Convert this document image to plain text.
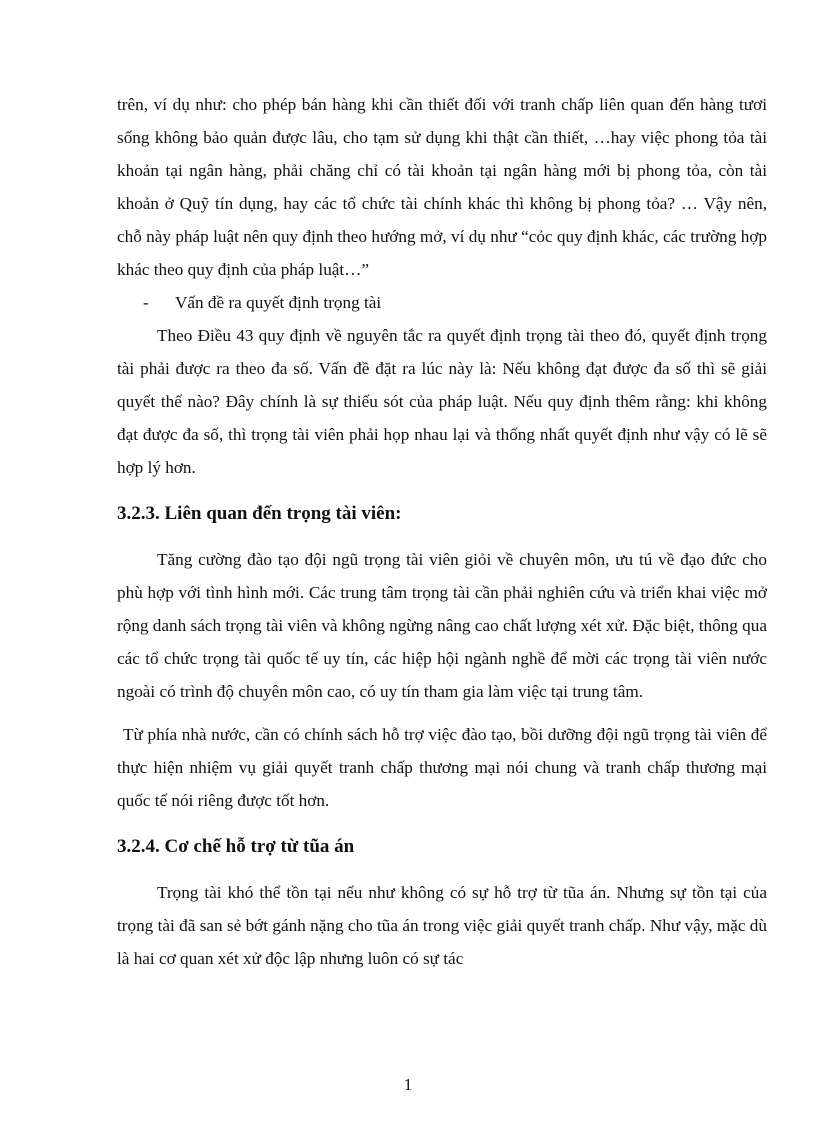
trên, ví dụ như: cho phép bán hàng khi cần thiết đối với tranh chấp liên quan đến hàng tươi sống không bảo quản được lâu, cho tạm sử dụng khi thật cần thiết, …hay việc phong tỏa tài khoản tại ngân hàng, phải chăng chỉ có tài khoản tại ngân hàng mới bị phong tỏa, còn tài khoản ở Quỹ tín dụng, hay các tổ chức tài chính khác thì không bị phong tỏa? … Vậy nên, chỗ này pháp luật nên quy định theo hướng mở, ví dụ như “cỏc quy định khác, các trường hợp khác theo quy định của pháp luật…”

-	Vấn đề ra quyết định trọng tài

Theo Điều 43 quy định về nguyên tắc ra quyết định trọng tài theo đó, quyết định trọng tài phải được ra theo đa số. Vấn đề đặt ra lúc này là: Nếu không đạt được đa số thì sẽ giải quyết thế nào? Đây chính là sự thiếu sót của pháp luật. Nếu quy định thêm rằng: khi không đạt được đa số, thì trọng tài viên phải họp nhau lại và thống nhất quyết định như vậy có lẽ sẽ hợp lý hơn.

3.2.3. Liên quan đến trọng tài viên:

Tăng cường đào tạo đội ngũ trọng tài viên giỏi về chuyên môn, ưu tú về đạo đức cho phù hợp với tình hình mới. Các trung tâm trọng tài cần phải nghiên cứu và triển khai việc mở rộng danh sách trọng tài viên và không ngừng nâng cao chất lượng xét xử. Đặc biệt, thông qua các tổ chức trọng tài quốc tế uy tín, các hiệp hội ngành nghề để mời các trọng tài viên nước ngoài có trình độ chuyên môn cao, có uy tín tham gia làm việc tại trung tâm.

Từ phía nhà nước, cần có chính sách hỗ trợ việc đào tạo, bồi dưỡng đội ngũ trọng tài viên để thực hiện nhiệm vụ giải quyết tranh chấp thương mại nói chung và tranh chấp thương mại quốc tế nói riêng được tốt hơn.

3.2.4. Cơ chế hỗ trợ từ tũa án

Trọng tài khó thể tồn tại nếu như không có sự hỗ trợ từ tũa án. Nhưng sự tồn tại của trọng tài đã san sẻ bớt gánh nặng cho tũa án trong việc giải quyết tranh chấp. Như vậy, mặc dù là hai cơ quan xét xử độc lập nhưng luôn có sự tác

1
